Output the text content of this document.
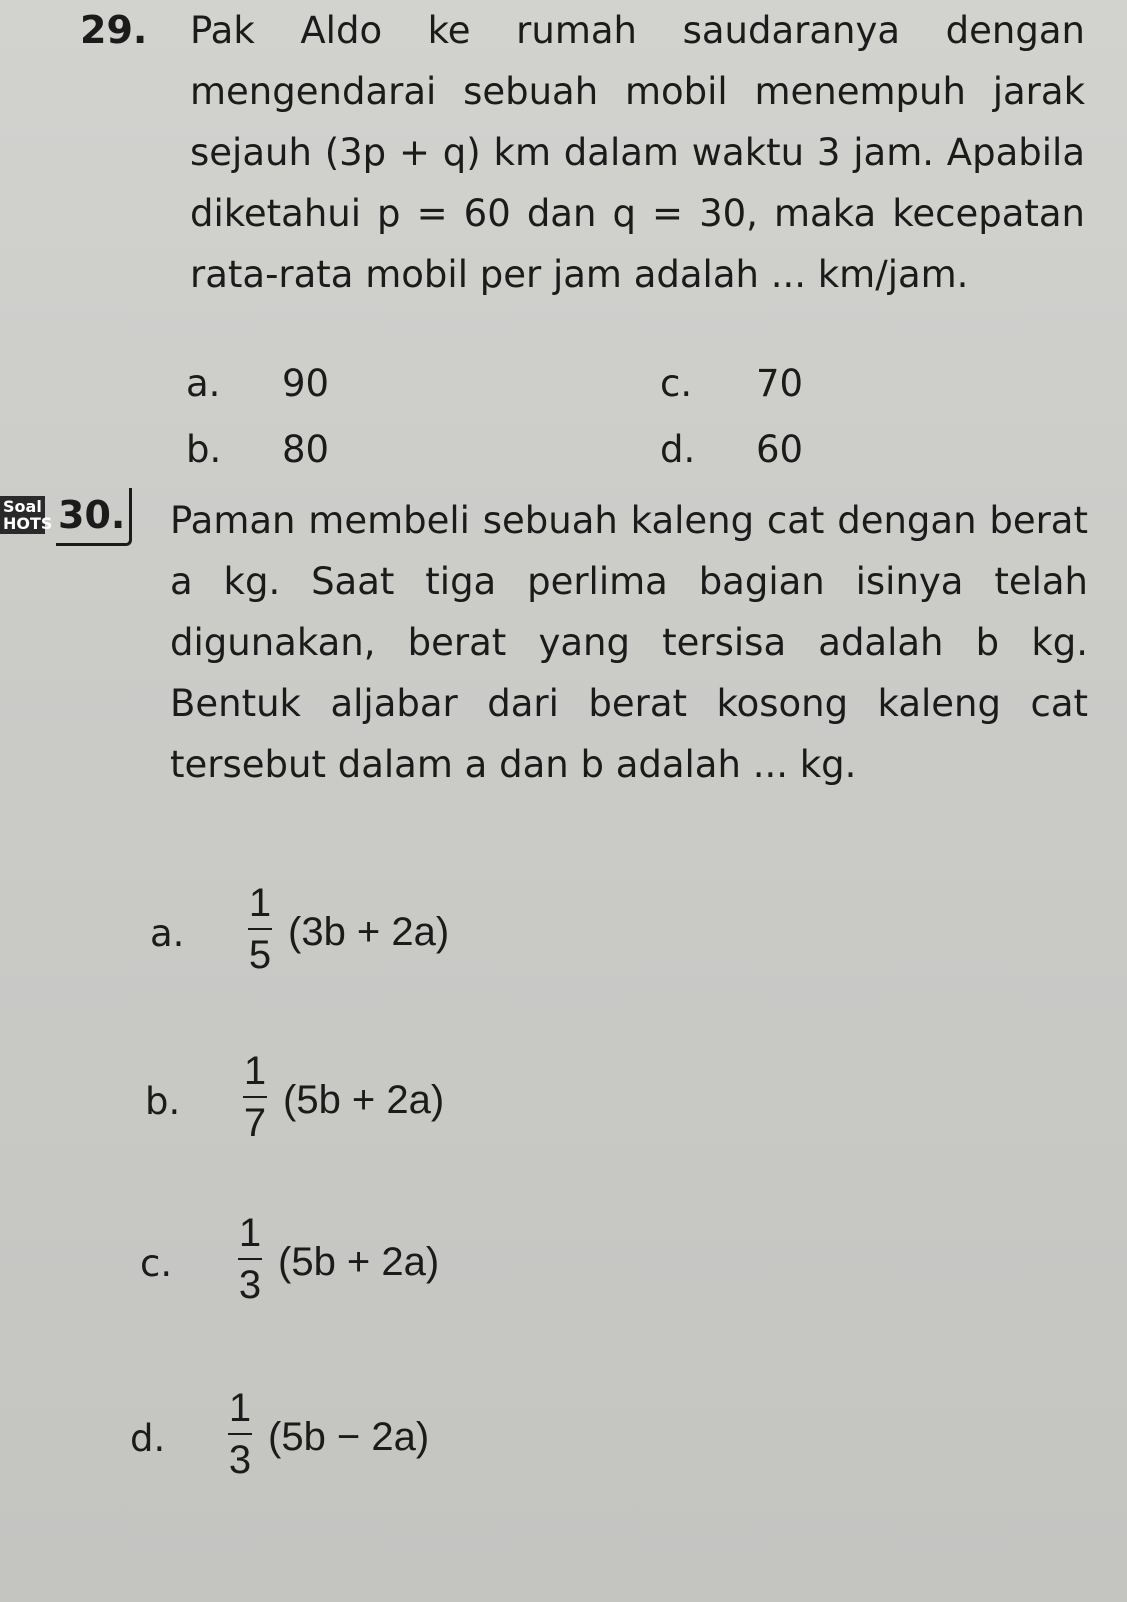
29. Pak Aldo ke rumah saudaranya dengan mengendarai sebuah mobil menempuh jarak sejauh (3p + q) km dalam waktu 3 jam. Apabila diketahui p = 60 dan q = 30, maka kecepatan rata-rata mobil per jam adalah ... km/jam.
a. 90
b. 80
c. 70
d. 60
Soal
HOTS 30. Paman membeli sebuah kaleng cat dengan berat a kg. Saat tiga perlima bagian isinya telah digunakan, berat yang tersisa adalah b kg. Bentuk aljabar dari berat kosong kaleng cat tersebut dalam a dan b adalah ... kg.
a.
1
5
(3b + 2a)
b.
1
7
(5b + 2a)
c.
1
3
(5b + 2a)
d.
1
3
(5b − 2a)
